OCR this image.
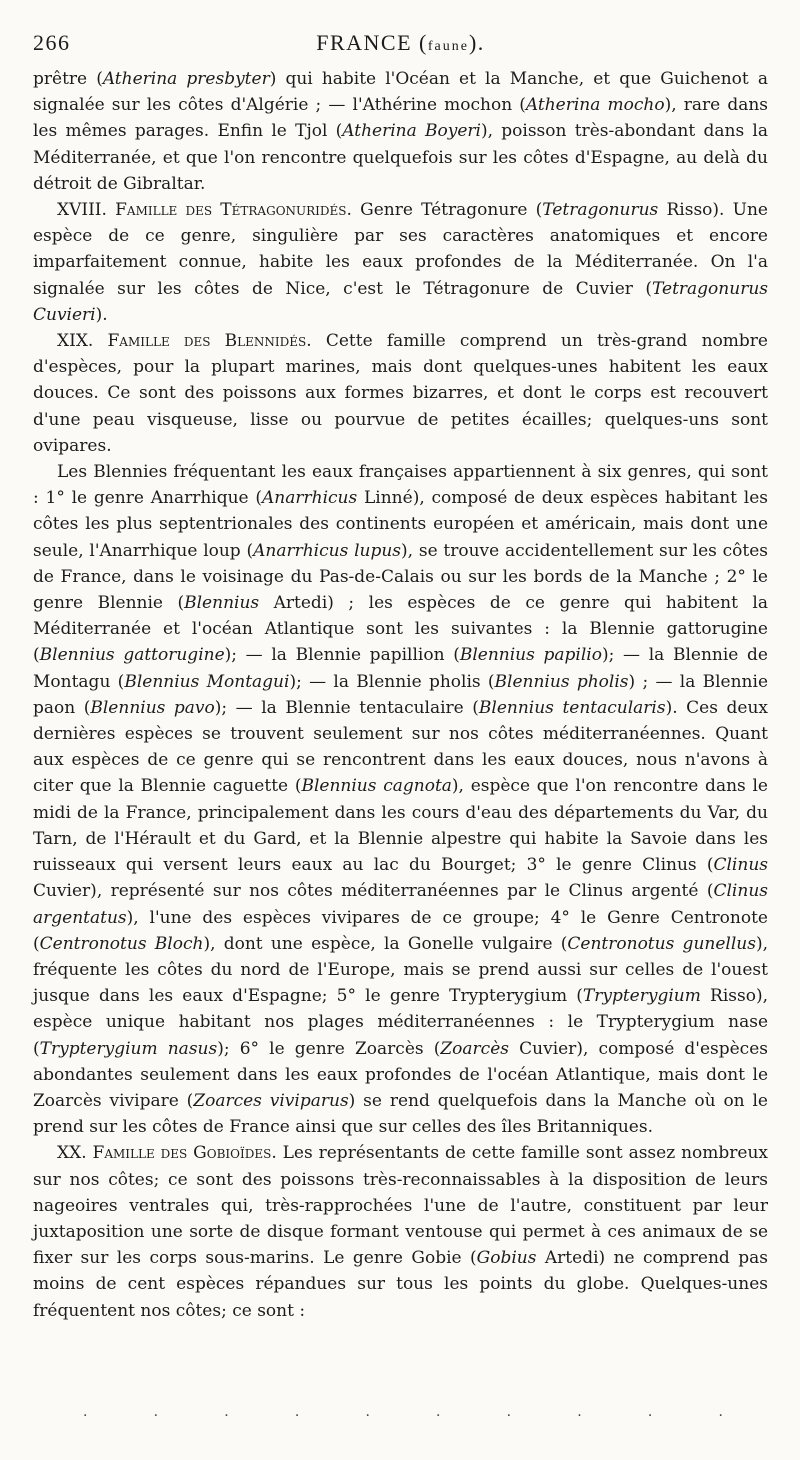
266	FRANCE (faune).

prêtre (Atherina presbyter) qui habite l'Océan et la Manche, et que Guichenot a signalée sur les côtes d'Algérie ; — l'Athérine mochon (Atherina mocho), rare dans les mêmes parages. Enfin le Tjol (Atherina Boyeri), poisson très-abondant dans la Méditerranée, et que l'on rencontre quelquefois sur les côtes d'Espagne, au delà du détroit de Gibraltar.

XVIII. Famille des Tétragonuridés. Genre Tétragonure (Tetragonurus Risso). Une espèce de ce genre, singulière par ses caractères anatomiques et encore imparfaitement connue, habite les eaux profondes de la Méditerranée. On l'a signalée sur les côtes de Nice, c'est le Tétragonure de Cuvier (Tetragonurus Cuvieri).

XIX. Famille des Blennidés. Cette famille comprend un très-grand nombre d'espèces, pour la plupart marines, mais dont quelques-unes habitent les eaux douces. Ce sont des poissons aux formes bizarres, et dont le corps est recouvert d'une peau visqueuse, lisse ou pourvue de petites écailles; quelques-uns sont ovipares.

Les Blennies fréquentant les eaux françaises appartiennent à six genres, qui sont : 1° le genre Anarrhique (Anarrhicus Linné), composé de deux espèces habitant les côtes les plus septentrionales des continents européen et américain, mais dont une seule, l'Anarrhique loup (Anarrhicus lupus), se trouve accidentellement sur les côtes de France, dans le voisinage du Pas-de-Calais ou sur les bords de la Manche ; 2° le genre Blennie (Blennius Artedi) ; les espèces de ce genre qui habitent la Méditerranée et l'océan Atlantique sont les suivantes : la Blennie gattorugine (Blennius gattorugine); — la Blennie papillion (Blennius papilio); — la Blennie de Montagu (Blennius Montagui); — la Blennie pholis (Blennius pholis) ; — la Blennie paon (Blennius pavo); — la Blennie tentaculaire (Blennius tentacularis). Ces deux dernières espèces se trouvent seulement sur nos côtes méditerranéennes. Quant aux espèces de ce genre qui se rencontrent dans les eaux douces, nous n'avons à citer que la Blennie caguette (Blennius cagnota), espèce que l'on rencontre dans le midi de la France, principalement dans les cours d'eau des départements du Var, du Tarn, de l'Hérault et du Gard, et la Blennie alpestre qui habite la Savoie dans les ruisseaux qui versent leurs eaux au lac du Bourget; 3° le genre Clinus (Clinus Cuvier), représenté sur nos côtes méditerranéennes par le Clinus argenté (Clinus argentatus), l'une des espèces vivipares de ce groupe; 4° le Genre Centronote (Centronotus Bloch), dont une espèce, la Gonelle vulgaire (Centronotus gunellus), fréquente les côtes du nord de l'Europe, mais se prend aussi sur celles de l'ouest jusque dans les eaux d'Espagne; 5° le genre Trypterygium (Trypterygium Risso), espèce unique habitant nos plages méditerranéennes : le Trypterygium nase (Trypterygium nasus); 6° le genre Zoarcès (Zoarcès Cuvier), composé d'espèces abondantes seulement dans les eaux profondes de l'océan Atlantique, mais dont le Zoarcès vivipare (Zoarces viviparus) se rend quelquefois dans la Manche où on le prend sur les côtes de France ainsi que sur celles des îles Britanniques.

XX. Famille des Gobioïdes. Les représentants de cette famille sont assez nombreux sur nos côtes; ce sont des poissons très-reconnaissables à la disposition de leurs nageoires ventrales qui, très-rapprochées l'une de l'autre, constituent par leur juxtaposition une sorte de disque formant ventouse qui permet à ces animaux de se fixer sur les corps sous-marins. Le genre Gobie (Gobius Artedi) ne comprend pas moins de cent espèces répandues sur tous les points du globe. Quelques-unes fréquentent nos côtes; ce sont :

·	·	·	·	·	·	·	·	·	·
